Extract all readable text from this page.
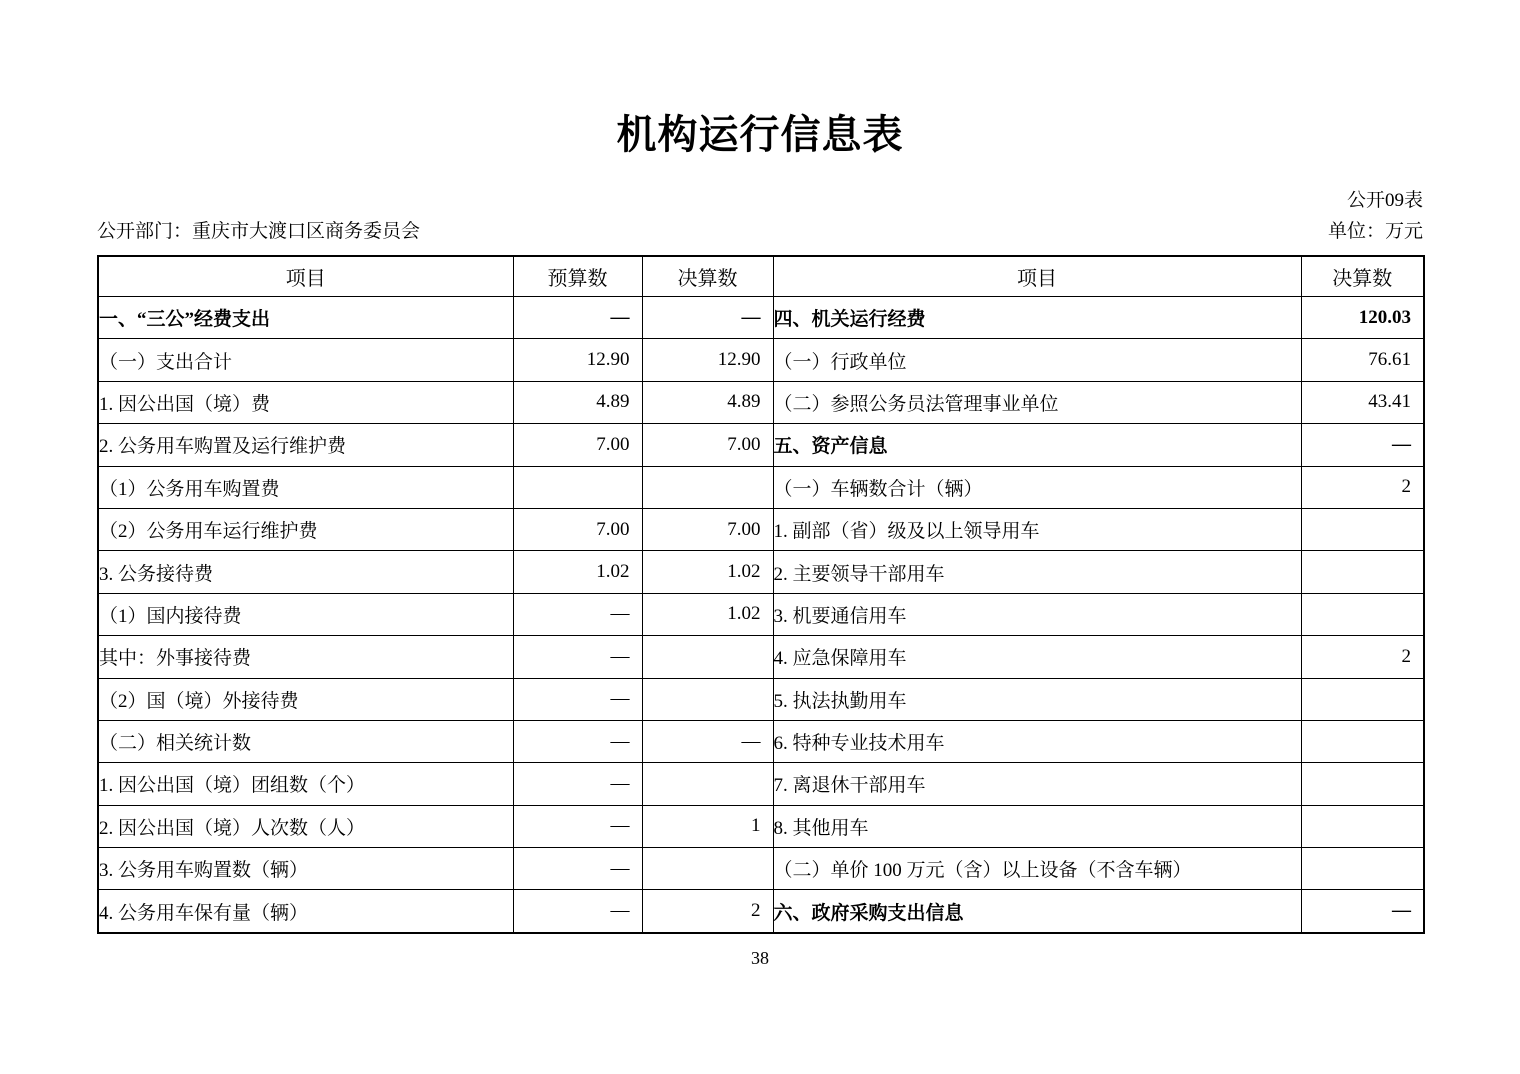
机构运行信息表
公开09表
公开部门：重庆市大渡口区商务委员会	单位：万元
项目	预算数	决算数	项目	决算数
一、“三公”经费支出	—	—	四、机关运行经费	120.03
（一）支出合计	12.90	12.90	（一）行政单位	76.61
1. 因公出国（境）费	4.89	4.89	（二）参照公务员法管理事业单位	43.41
2. 公务用车购置及运行维护费	7.00	7.00	五、资产信息	—
（1）公务用车购置费			（一）车辆数合计（辆）	2
（2）公务用车运行维护费	7.00	7.00	1. 副部（省）级及以上领导用车	
3. 公务接待费	1.02	1.02	2. 主要领导干部用车	
（1）国内接待费	—	1.02	3. 机要通信用车	
其中：外事接待费	—		4. 应急保障用车	2
（2）国（境）外接待费	—		5. 执法执勤用车	
（二）相关统计数	—	—	6. 特种专业技术用车	
1. 因公出国（境）团组数（个）	—		7. 离退休干部用车	
2. 因公出国（境）人次数（人）	—	1	8. 其他用车	
3. 公务用车购置数（辆）	—		（二）单价 100 万元（含）以上设备（不含车辆）	
4. 公务用车保有量（辆）	—	2	六、政府采购支出信息	—
38
